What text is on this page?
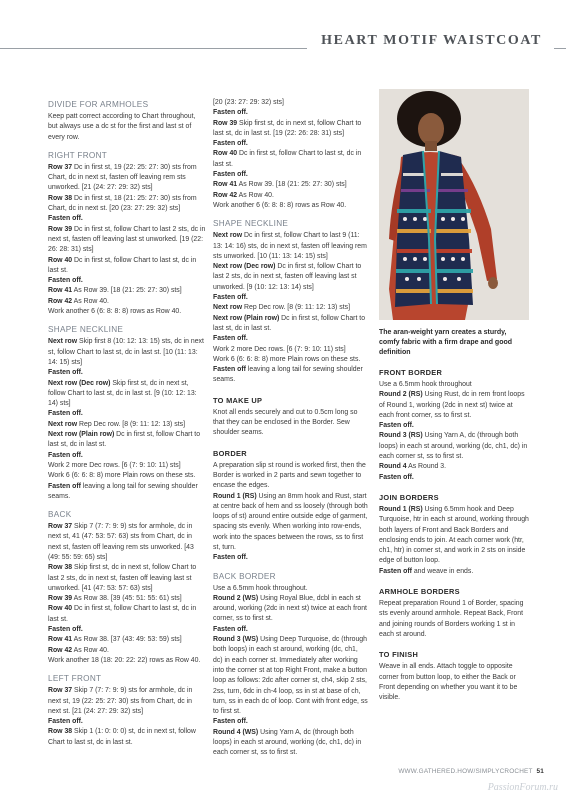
HEART MOTIF WAISTCOAT
DIVIDE FOR ARMHOLES

Keep patt correct according to Chart throughout, but always use a dc st for the first and last st of every row.

RIGHT FRONT

Row 37 Dc in first st, 19 (22: 25: 27: 30) sts from Chart, dc in next st, fasten off leaving rem sts unworked. [21 (24: 27: 29: 32) sts]

Row 38 Dc in first st, 18 (21: 25: 27: 30) sts from Chart, dc in next st. [20 (23: 27: 29: 32) sts]

Fasten off.

Row 39 Dc in first st, follow Chart to last 2 sts, dc in next st, fasten off leaving last st unworked. [19 (22: 26: 28: 31) sts]

Row 40 Dc in first st, follow Chart to last st, dc in last st.

Fasten off.

Row 41 As Row 39. [18 (21: 25: 27: 30) sts]

Row 42 As Row 40.

Work another 6 (6: 8: 8: 8) rows as Row 40.

SHAPE NECKLINE

Next row Skip first 8 (10: 12: 13: 15) sts, dc in next st, follow Chart to last st, dc in last st. [10 (11: 13: 14: 15) sts]

Fasten off.

Next row (Dec row) Skip first st, dc in next st, follow Chart to last st, dc in last st. [9 (10: 12: 13: 14) sts]

Fasten off.

Next row Rep Dec row. [8 (9: 11: 12: 13) sts]

Next row (Plain row) Dc in first st, follow Chart to last st, dc in last st.

Fasten off.

Work 2 more Dec rows. [6 (7: 9: 10: 11) sts]

Work 6 (6: 6: 8: 8) more Plain rows on these sts.

Fasten off leaving a long tail for sewing shoulder seams.

BACK

Row 37 Skip 7 (7: 7: 9: 9) sts for armhole, dc in next st, 41 (47: 53: 57: 63) sts from Chart, dc in next st, fasten off leaving rem sts unworked. [43 (49: 55: 59: 65) sts]

Row 38 Skip first st, dc in next st, follow Chart to last 2 sts, dc in next st, fasten off leaving last st unworked. [41 (47: 53: 57: 63) sts]

Row 39 As Row 38. [39 (45: 51: 55: 61) sts]

Row 40 Dc in first st, follow Chart to last st, dc in last st.

Fasten off.

Row 41 As Row 38. [37 (43: 49: 53: 59) sts]

Row 42 As Row 40.

Work another 18 (18: 20: 22: 22) rows as Row 40.

LEFT FRONT

Row 37 Skip 7 (7: 7: 9: 9) sts for armhole, dc in next st, 19 (22: 25: 27: 30) sts from Chart, dc in next st. [21 (24: 27: 29: 32) sts]

Fasten off.

Row 38 Skip 1 (1: 0: 0: 0) st, dc in next st, follow Chart to last st, dc in last st.

[20 (23: 27: 29: 32) sts]

Fasten off.

Row 39 Skip first st, dc in next st, follow Chart to last st, dc in last st. [19 (22: 26: 28: 31) sts]

Fasten off.

Row 40 Dc in first st, follow Chart to last st, dc in last st.

Fasten off.

Row 41 As Row 39. [18 (21: 25: 27: 30) sts]

Row 42 As Row 40.

Work another 6 (6: 8: 8: 8) rows as Row 40.

SHAPE NECKLINE

Next row Dc in first st, follow Chart to last 9 (11: 13: 14: 16) sts, dc in next st, fasten off leaving rem sts unworked. [10 (11: 13: 14: 15) sts]

Next row (Dec row) Dc in first st, follow Chart to last 2 sts, dc in next st, fasten off leaving last st unworked. [9 (10: 12: 13: 14) sts]

Fasten off.

Next row Rep Dec row. [8 (9: 11: 12: 13) sts]

Next row (Plain row) Dc in first st, follow Chart to last st, dc in last st.

Fasten off.

Work 2 more Dec rows. [6 (7: 9: 10: 11) sts]

Work 6 (6: 6: 8: 8) more Plain rows on these sts.

Fasten off leaving a long tail for sewing shoulder seams.

TO MAKE UP

Knot all ends securely and cut to 0.5cm long so that they can be enclosed in the Border. Sew shoulder seams.

BORDER

A preparation slip st round is worked first, then the Border is worked in 2 parts and sewn together to encase the edges.

Round 1 (RS) Using an 8mm hook and Rust, start at centre back of hem and ss loosely (through both loops of st) around entire outside edge of garment, spacing sts evenly. When working into row-ends, work into the spaces between the rows, ss to first st, turn.

Fasten off.

BACK BORDER

Use a 6.5mm hook throughout.

Round 2 (WS) Using Royal Blue, dcbl in each st around, working (2dc in next st) twice at each front corner, ss to first st.

Fasten off.

Round 3 (WS) Using Deep Turquoise, dc (through both loops) in each st around, working (dc, ch1, dc) in each corner st. Immediately after working into the corner st at top Right Front, make a button loop as follows: 2dc after corner st, ch4, skip 2 sts, 2ss, turn, 6dc in ch-4 loop, ss in st at base of ch, turn, ss in each dc of loop. Cont with front edge, ss to first st.

Fasten off.

Round 4 (WS) Using Yarn A, dc (through both loops) in each st around, working (dc, ch1, dc) in each corner st, ss to first st.

The aran-weight yarn creates a sturdy, comfy fabric with a firm drape and good definition
FRONT BORDER

Use a 6.5mm hook throughout

Round 2 (RS) Using Rust, dc in rem front loops of Round 1, working (2dc in next st) twice at each front corner, ss to first st.

Fasten off.

Round 3 (RS) Using Yarn A, dc (through both loops) in each st around, working (dc, ch1, dc) in each corner st, ss to first st.

Round 4 As Round 3.

Fasten off.

JOIN BORDERS

Round 1 (RS) Using 6.5mm hook and Deep Turquoise, htr in each st around, working through both layers of Front and Back Borders and enclosing ends to join. At each corner work (htr, ch1, htr) in corner st, and work in 2 sts on inside edge of button loop.

Fasten off and weave in ends.

ARMHOLE BORDERS

Repeat preparation Round 1 of Border, spacing sts evenly around armhole. Repeat Back, Front and joining rounds of Borders working 1 st in each st around.

TO FINISH

Weave in all ends. Attach toggle to opposite corner from button loop, to either the Back or Front depending on whether you want it to be visible.

WWW.GATHERED.HOW/SIMPLYCROCHET 51
PassionForum.ru
